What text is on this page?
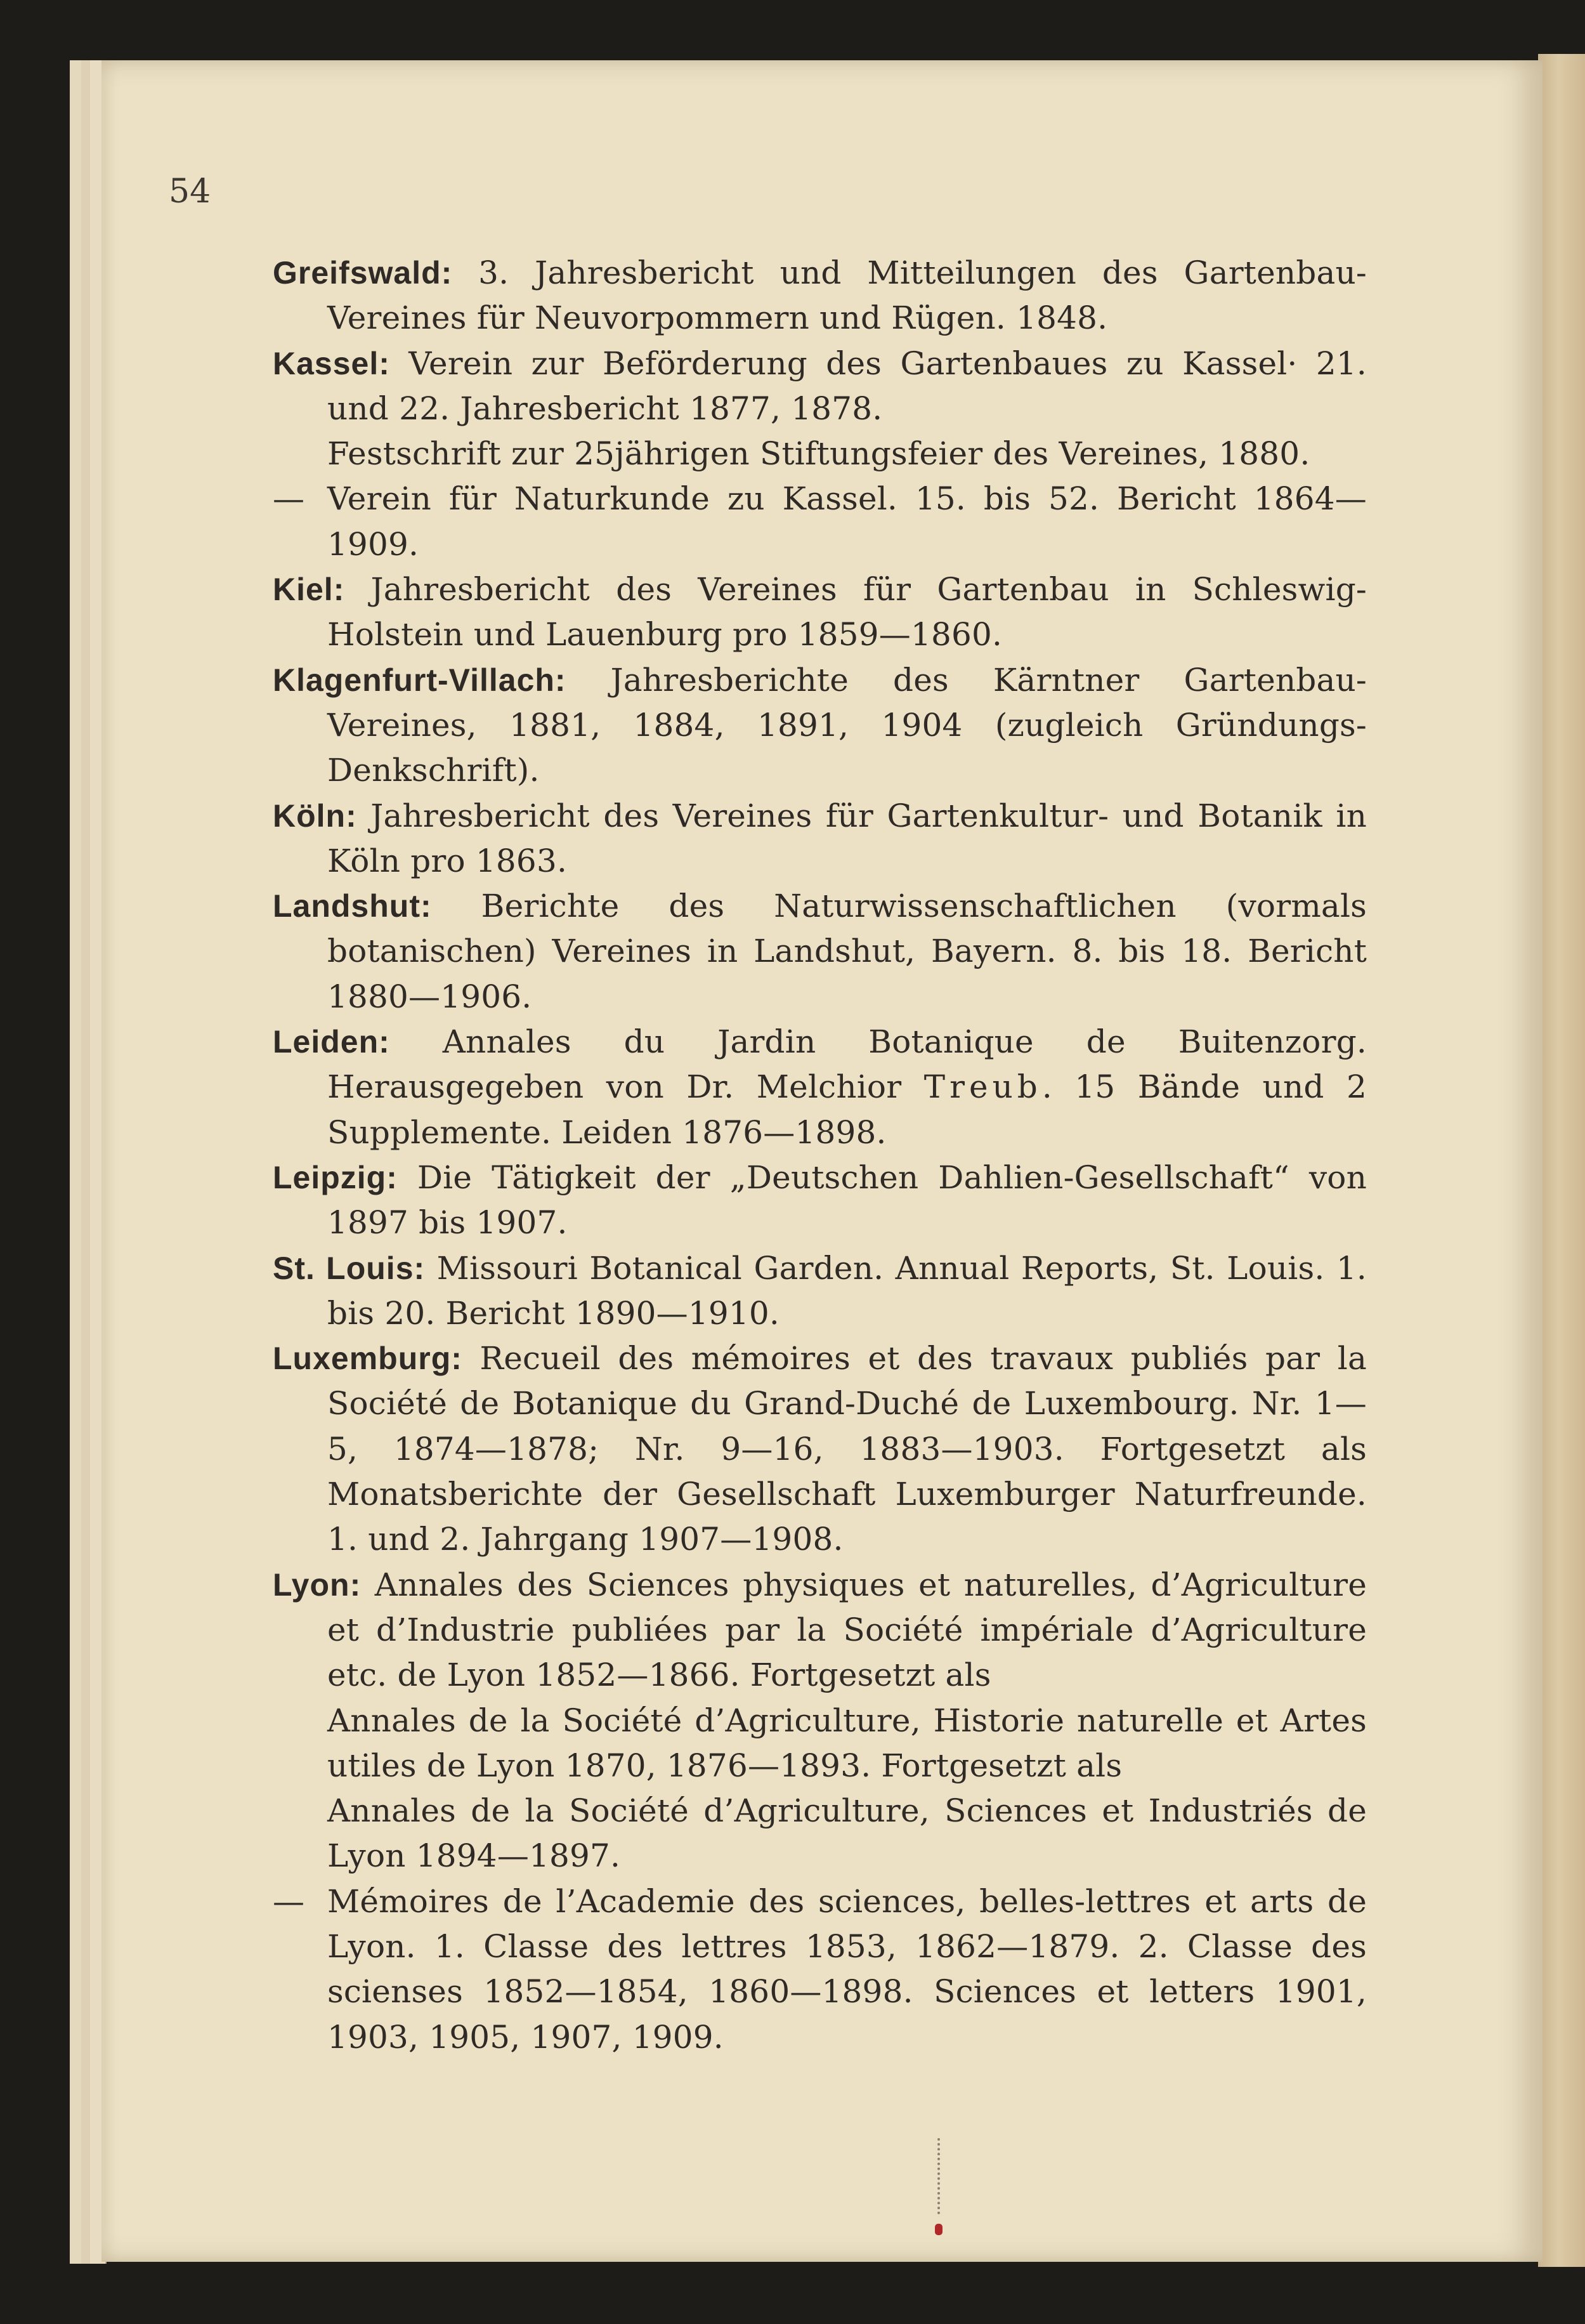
54
Greifswald: 3. Jahresbericht und Mitteilungen des Gartenbau-Vereines für Neuvorpommern und Rügen. 1848.
Kassel: Verein zur Beförderung des Gartenbaues zu Kassel· 21. und 22. Jahresbericht 1877, 1878.
Festschrift zur 25jährigen Stiftungsfeier des Vereines, 1880.
— Verein für Naturkunde zu Kassel. 15. bis 52. Bericht 1864—1909.
Kiel: Jahresbericht des Vereines für Gartenbau in Schleswig-Holstein und Lauenburg pro 1859—1860.
Klagenfurt-Villach: Jahresberichte des Kärntner Gartenbau-Vereines, 1881, 1884, 1891, 1904 (zugleich Gründungs-Denkschrift).
Köln: Jahresbericht des Vereines für Gartenkultur- und Botanik in Köln pro 1863.
Landshut: Berichte des Naturwissenschaftlichen (vormals botanischen) Vereines in Landshut, Bayern. 8. bis 18. Bericht 1880—1906.
Leiden: Annales du Jardin Botanique de Buitenzorg. Herausgegeben von Dr. Melchior Treub. 15 Bände und 2 Supplemente. Leiden 1876—1898.
Leipzig: Die Tätigkeit der „Deutschen Dahlien-Gesellschaft“ von 1897 bis 1907.
St. Louis: Missouri Botanical Garden. Annual Reports, St. Louis. 1. bis 20. Bericht 1890—1910.
Luxemburg: Recueil des mémoires et des travaux publiés par la Société de Botanique du Grand-Duché de Luxembourg. Nr. 1—5, 1874—1878; Nr. 9—16, 1883—1903. Fortgesetzt als Monatsberichte der Gesellschaft Luxemburger Naturfreunde. 1. und 2. Jahrgang 1907—1908.
Lyon: Annales des Sciences physiques et naturelles, d’Agriculture et d’Industrie publiées par la Société impériale d’Agriculture etc. de Lyon 1852—1866. Fortgesetzt als
Annales de la Société d’Agriculture, Historie naturelle et Artes utiles de Lyon 1870, 1876—1893. Fortgesetzt als
Annales de la Société d’Agriculture, Sciences et Industriés de Lyon 1894—1897.
— Mémoires de l’Academie des sciences, belles-lettres et arts de Lyon. 1. Classe des lettres 1853, 1862—1879. 2. Classe des scienses 1852—1854, 1860—1898. Sciences et letters 1901, 1903, 1905, 1907, 1909.
